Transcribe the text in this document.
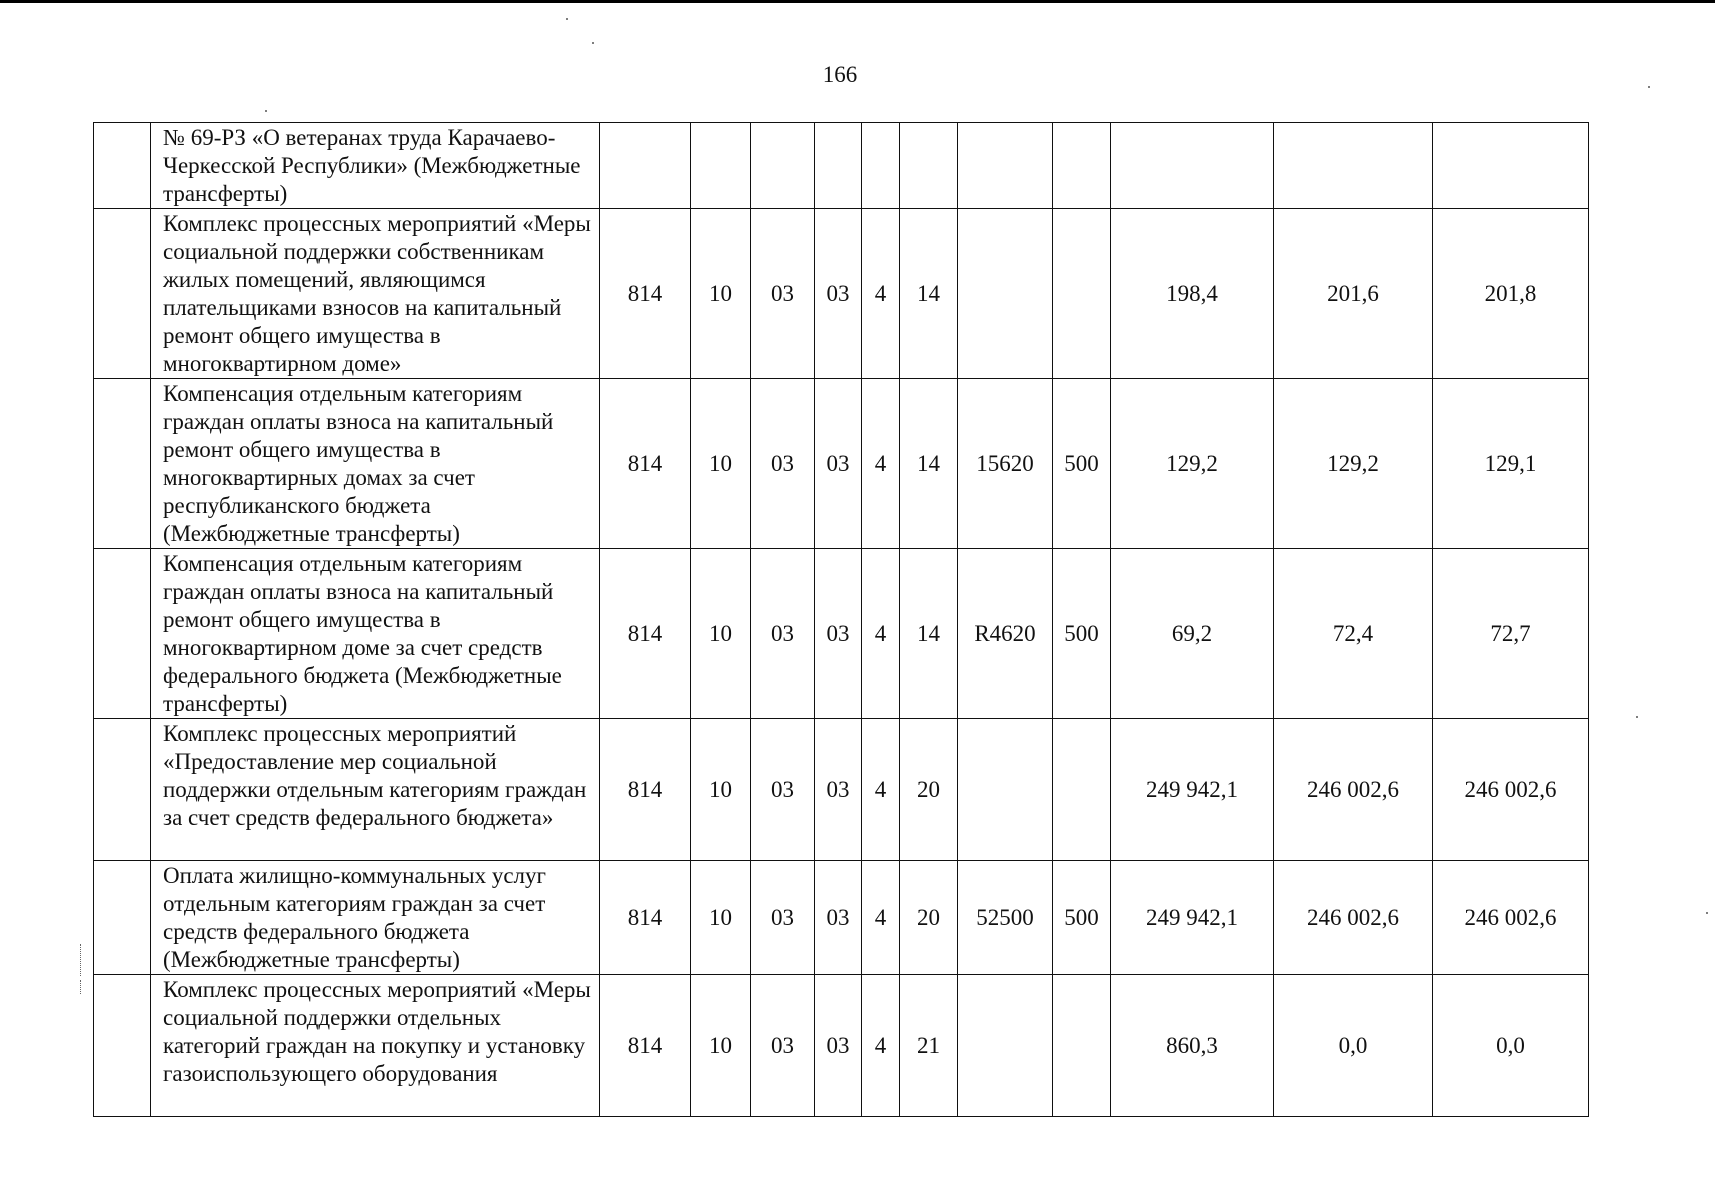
166
	№ 69-РЗ «О ветеранах труда Карачаево-Черкесской Республики» (Межбюджетные трансферты)											
	Комплекс процессных мероприятий «Меры социальной поддержки собственникам жилых помещений, являющимся плательщиками взносов на капитальный ремонт общего имущества в многоквартирном доме»	814	10	03	03	4	14			198,4	201,6	201,8
	Компенсация отдельным категориям граждан оплаты взноса на капитальный ремонт общего имущества в многоквартирных домах за счет республиканского бюджета (Межбюджетные трансферты)	814	10	03	03	4	14	15620	500	129,2	129,2	129,1
	Компенсация отдельным категориям граждан оплаты взноса на капитальный ремонт общего имущества в многоквартирном доме за счет средств федерального бюджета (Межбюджетные трансферты)	814	10	03	03	4	14	R4620	500	69,2	72,4	72,7
	Комплекс процессных мероприятий «Предоставление мер социальной поддержки отдельным категориям граждан за счет средств федерального бюджета»	814	10	03	03	4	20			249 942,1	246 002,6	246 002,6
	Оплата жилищно-коммунальных услуг отдельным категориям граждан за счет средств федерального бюджета (Межбюджетные трансферты)	814	10	03	03	4	20	52500	500	249 942,1	246 002,6	246 002,6
	Комплекс процессных мероприятий «Меры социальной поддержки отдельных категорий граждан на покупку и установку газоиспользующего оборудования	814	10	03	03	4	21			860,3	0,0	0,0
